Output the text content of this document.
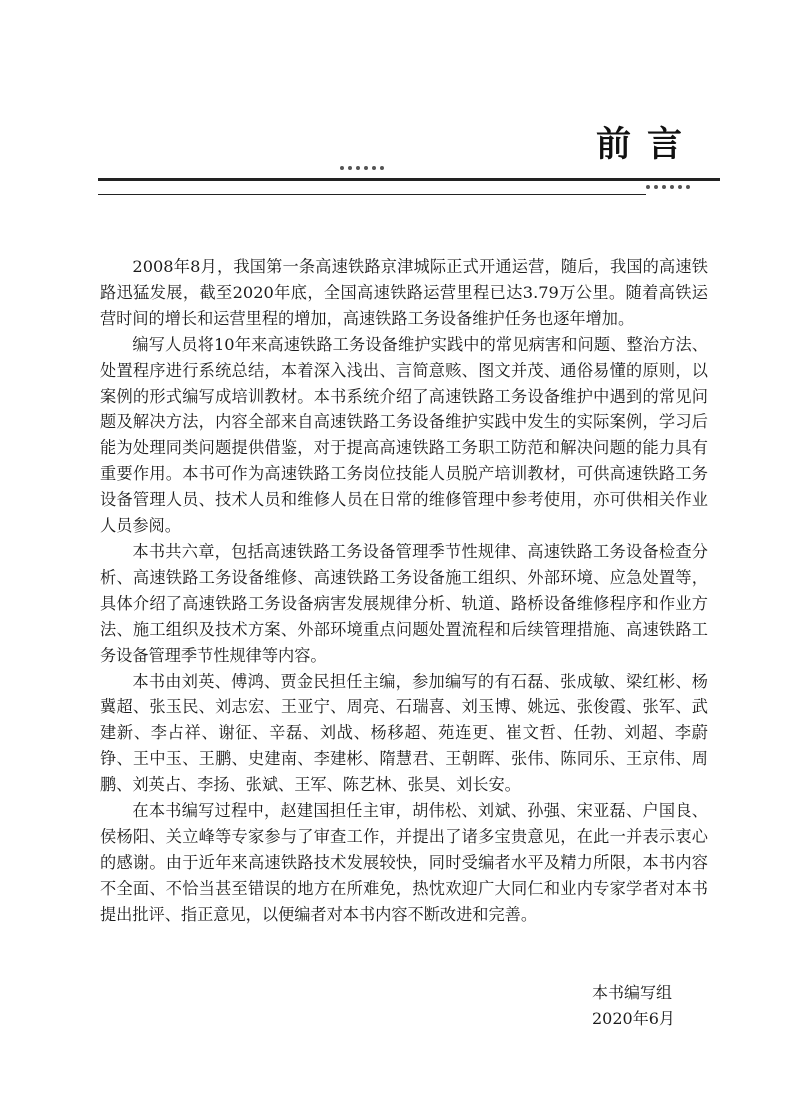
前言

2008年8月，我国第一条高速铁路京津城际正式开通运营，随后，我国的高速铁路迅猛发展，截至2020年底，全国高速铁路运营里程已达3.79万公里。随着高铁运营时间的增长和运营里程的增加，高速铁路工务设备维护任务也逐年增加。

编写人员将10年来高速铁路工务设备维护实践中的常见病害和问题、整治方法、处置程序进行系统总结，本着深入浅出、言简意赅、图文并茂、通俗易懂的原则，以案例的形式编写成培训教材。本书系统介绍了高速铁路工务设备维护中遇到的常见问题及解决方法，内容全部来自高速铁路工务设备维护实践中发生的实际案例，学习后能为处理同类问题提供借鉴，对于提高高速铁路工务职工防范和解决问题的能力具有重要作用。本书可作为高速铁路工务岗位技能人员脱产培训教材，可供高速铁路工务设备管理人员、技术人员和维修人员在日常的维修管理中参考使用，亦可供相关作业人员参阅。

本书共六章，包括高速铁路工务设备管理季节性规律、高速铁路工务设备检查分析、高速铁路工务设备维修、高速铁路工务设备施工组织、外部环境、应急处置等，具体介绍了高速铁路工务设备病害发展规律分析、轨道、路桥设备维修程序和作业方法、施工组织及技术方案、外部环境重点问题处置流程和后续管理措施、高速铁路工务设备管理季节性规律等内容。

本书由刘英、傅鸿、贾金民担任主编，参加编写的有石磊、张成敏、梁红彬、杨冀超、张玉民、刘志宏、王亚宁、周亮、石瑞喜、刘玉博、姚远、张俊霞、张军、武建新、李占祥、谢征、辛磊、刘战、杨移超、苑连更、崔文哲、任勃、刘超、李蔚铮、王中玉、王鹏、史建南、李建彬、隋慧君、王朝晖、张伟、陈同乐、王京伟、周鹏、刘英占、李扬、张斌、王军、陈艺林、张昊、刘长安。

在本书编写过程中，赵建国担任主审，胡伟松、刘斌、孙强、宋亚磊、户国良、侯杨阳、关立峰等专家参与了审查工作，并提出了诸多宝贵意见，在此一并表示衷心的感谢。由于近年来高速铁路技术发展较快，同时受编者水平及精力所限，本书内容不全面、不恰当甚至错误的地方在所难免，热忱欢迎广大同仁和业内专家学者对本书提出批评、指正意见，以便编者对本书内容不断改进和完善。

本书编写组
2020年6月
